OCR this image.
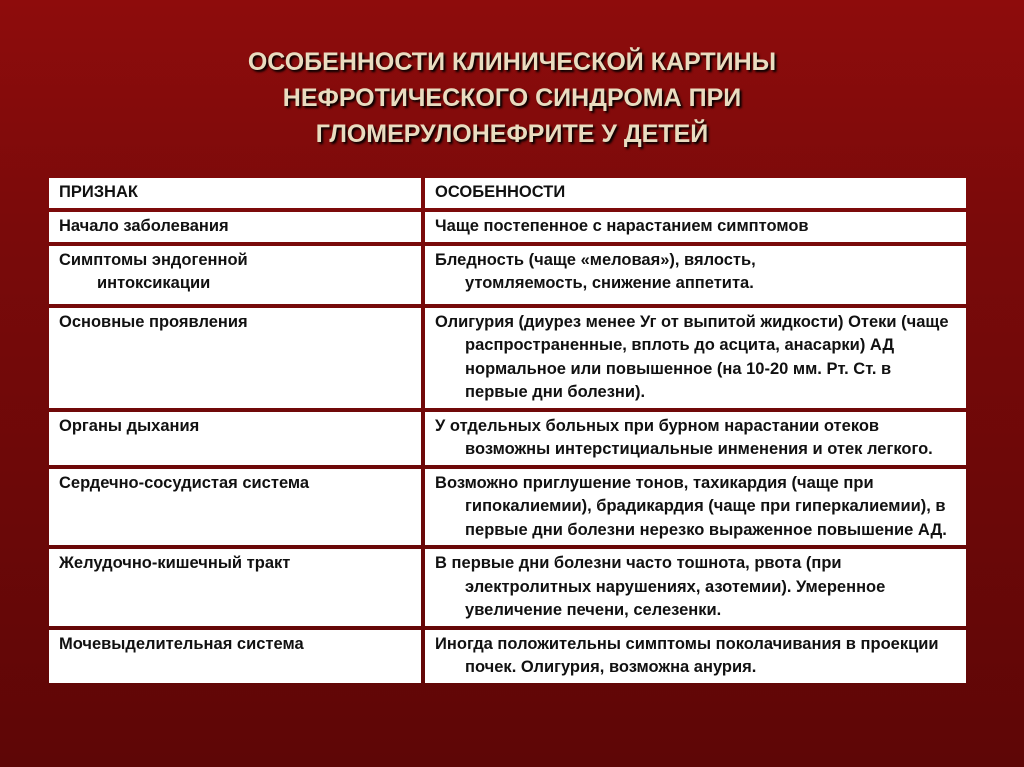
ОСОБЕННОСТИ КЛИНИЧЕСКОЙ КАРТИНЫ
НЕФРОТИЧЕСКОГО СИНДРОМА ПРИ
ГЛОМЕРУЛОНЕФРИТЕ У ДЕТЕЙ
ПРИЗНАК	ОСОБЕННОСТИ
Начало заболевания	Чаще постепенное с нарастанием симптомов
Симптомы эндогенной интоксикации	Бледность (чаще «меловая»), вялость, утомляемость, снижение аппетита.
Основные проявления	Олигурия (диурез менее Уг от выпитой жидкости) Отеки (чаще распространенные, вплоть до асцита, анасарки) АД нормальное или повышенное (на 10-20 мм. Рт. Ст. в первые дни болезни).
Органы дыхания	У отдельных больных при бурном нарастании отеков возможны интерстициальные инменения и отек легкого.
Сердечно-сосудистая система	Возможно приглушение тонов, тахикардия (чаще при гипокалиемии), брадикардия (чаще при гиперкалиемии), в первые дни болезни нерезко выраженное повышение АД.
Желудочно-кишечный тракт	В первые дни болезни часто тошнота, рвота (при электролитных нарушениях, азотемии). Умеренное увеличение печени, селезенки.
Мочевыделительная система	Иногда положительны симптомы поколачивания в проекции почек. Олигурия, возможна анурия.
